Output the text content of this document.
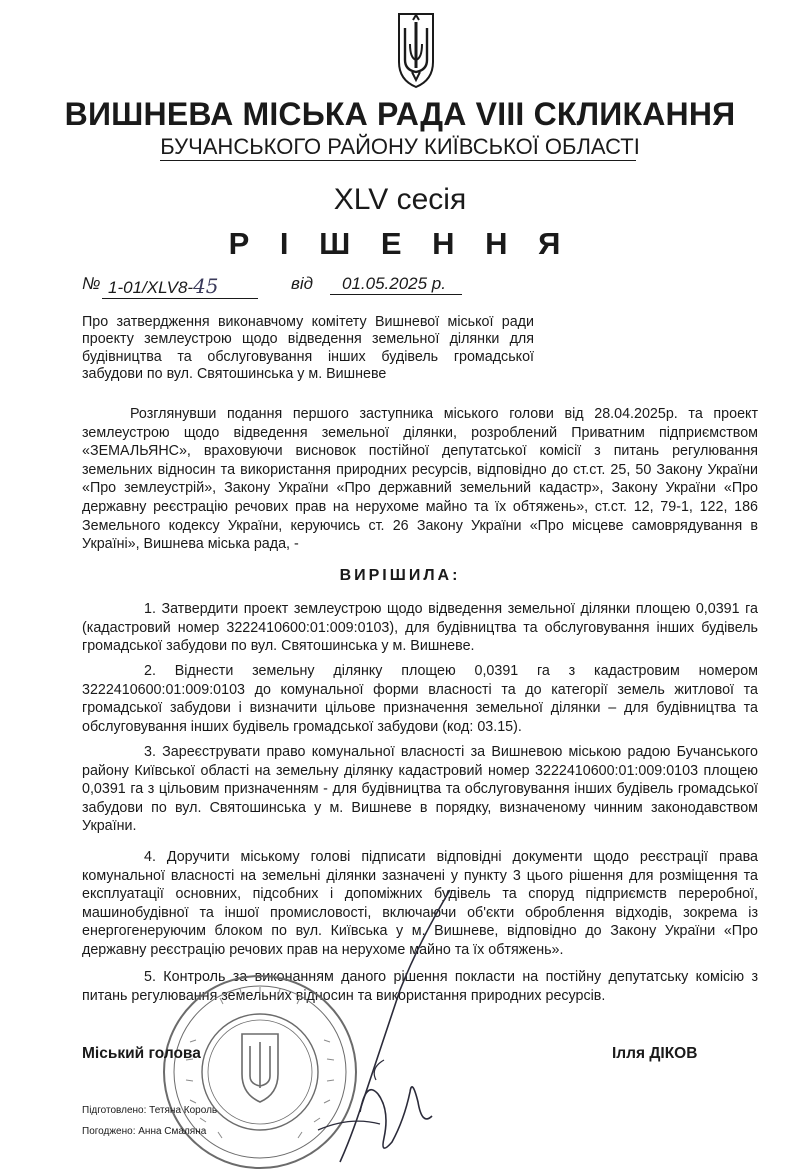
ВИШНЕВА МІСЬКА РАДА VIII СКЛИКАННЯ
БУЧАНСЬКОГО РАЙОНУ КИЇВСЬКОЇ ОБЛАСТІ
XLV сесія
Р І Ш Е Н Н Я
№ 1-01/XLV8-45	від	01.05.2025 р.
Про затвердження виконавчому комітету Вишневої міської ради проекту землеустрою щодо відведення земельної ділянки для будівництва та обслуговування інших будівель громадської забудови по вул. Святошинська у м. Вишневе
Розглянувши подання першого заступника міського голови від 28.04.2025р. та проект землеустрою щодо відведення земельної ділянки, розроблений Приватним підприємством «ЗЕМАЛЬЯНС», враховуючи висновок постійної депутатської комісії з питань регулювання земельних відносин та використання природних ресурсів, відповідно до ст.ст. 25, 50 Закону України «Про землеустрій», Закону України «Про державний земельний кадастр», Закону України «Про державну реєстрацію речових прав на нерухоме майно та їх обтяжень», ст.ст. 12, 79-1, 122, 186 Земельного кодексу України, керуючись ст. 26 Закону України «Про місцеве самоврядування в Україні», Вишнева міська рада, -
ВИРІШИЛА:
1. Затвердити проект землеустрою щодо відведення земельної ділянки площею 0,0391 га (кадастровий номер 3222410600:01:009:0103), для будівництва та обслуговування інших будівель громадської забудови по вул. Святошинська у м. Вишневе.
2. Віднести земельну ділянку площею 0,0391 га з кадастровим номером 3222410600:01:009:0103 до комунальної форми власності та до категорії земель житлової та громадської забудови і визначити цільове призначення земельної ділянки – для будівництва та обслуговування інших будівель громадської забудови (код: 03.15).
3. Зареєструвати право комунальної власності за Вишневою міською радою Бучанського району Київської області на земельну ділянку кадастровий номер 3222410600:01:009:0103 площею 0,0391 га з цільовим призначенням - для будівництва та обслуговування інших будівель громадської забудови по вул. Святошинська у м. Вишневе в порядку, визначеному чинним законодавством України.
4. Доручити міському голові підписати відповідні документи щодо реєстрації права комунальної власності на земельні ділянки зазначені у пункту 3 цього рішення для розміщення та експлуатації основних, підсобних і допоміжних будівель та споруд підприємств переробної, машинобудівної та іншої промисловості, включаючи об'єкти оброблення відходів, зокрема із енергогенеруючим блоком по вул. Київська у м. Вишневе, відповідно до Закону України «Про державну реєстрацію речових прав на нерухоме майно та їх обтяжень».
5. Контроль за виконанням даного рішення покласти на постійну депутатську комісію з питань регулювання земельних відносин та використання природних ресурсів.
Міський голова	Ілля ДІКОВ
Підготовлено: Тетяна Король
Погоджено: Анна Смаляна
